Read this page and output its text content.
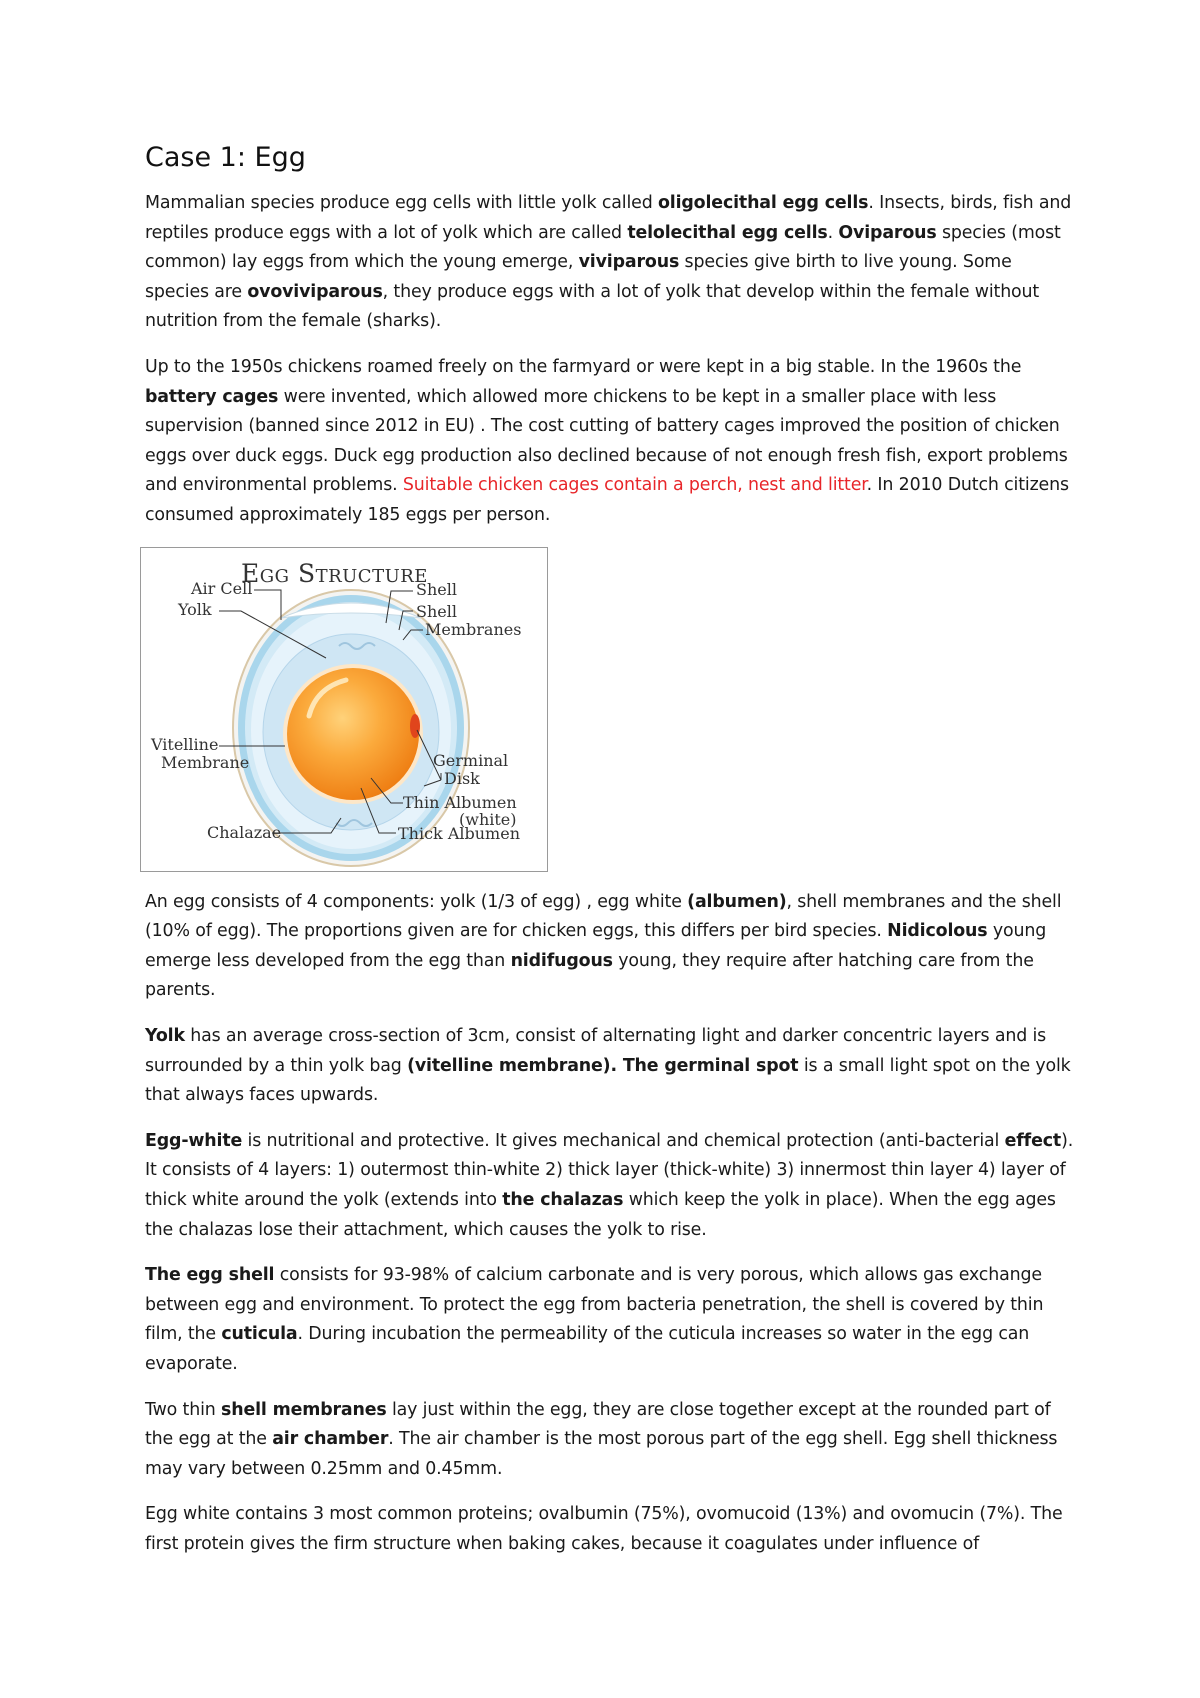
Case 1: Egg

Mammalian species produce egg cells with little yolk called oligolecithal egg cells. Insects, birds, fish and reptiles produce eggs with a lot of yolk which are called telolecithal egg cells. Oviparous species (most common) lay eggs from which the young emerge, viviparous species give birth to live young. Some species are ovoviviparous, they produce eggs with a lot of yolk that develop within the female without nutrition from the female (sharks).

Up to the 1950s chickens roamed freely on the farmyard or were kept in a big stable. In the 1960s the battery cages were invented, which allowed more chickens to be kept in a smaller place with less supervision (banned since 2012 in EU) . The cost cutting of battery cages improved the position of chicken eggs over duck eggs. Duck egg production also declined because of not enough fresh fish, export problems and environmental problems. Suitable chicken cages contain a perch, nest and litter. In 2010 Dutch citizens consumed approximately 185 eggs per person.

Egg Structure
Air Cell
Yolk
Shell
Shell
Membranes
Vitelline
Membrane	Germinal
Disk
Thin Albumen
(white)
Chalazae	Thick Albumen

An egg consists of 4 components: yolk (1/3 of egg) , egg white (albumen), shell membranes and the shell (10% of egg). The proportions given are for chicken eggs, this differs per bird species. Nidicolous young emerge less developed from the egg than nidifugous young, they require after hatching care from the parents.

Yolk has an average cross-section of 3cm, consist of alternating light and darker concentric layers and is surrounded by a thin yolk bag (vitelline membrane). The germinal spot is a small light spot on the yolk that always faces upwards.

Egg-white is nutritional and protective. It gives mechanical and chemical protection (anti-bacterial effect). It consists of 4 layers: 1) outermost thin-white 2) thick layer (thick-white) 3) innermost thin layer 4) layer of thick white around the yolk (extends into the chalazas which keep the yolk in place). When the egg ages the chalazas lose their attachment, which causes the yolk to rise.

The egg shell consists for 93-98% of calcium carbonate and is very porous, which allows gas exchange between egg and environment. To protect the egg from bacteria penetration, the shell is covered by thin film, the cuticula. During incubation the permeability of the cuticula increases so water in the egg can evaporate.

Two thin shell membranes lay just within the egg, they are close together except at the rounded part of the egg at the air chamber. The air chamber is the most porous part of the egg shell. Egg shell thickness may vary between 0.25mm and 0.45mm.

Egg white contains 3 most common proteins; ovalbumin (75%), ovomucoid (13%) and ovomucin (7%). The first protein gives the firm structure when baking cakes, because it coagulates under influence of
